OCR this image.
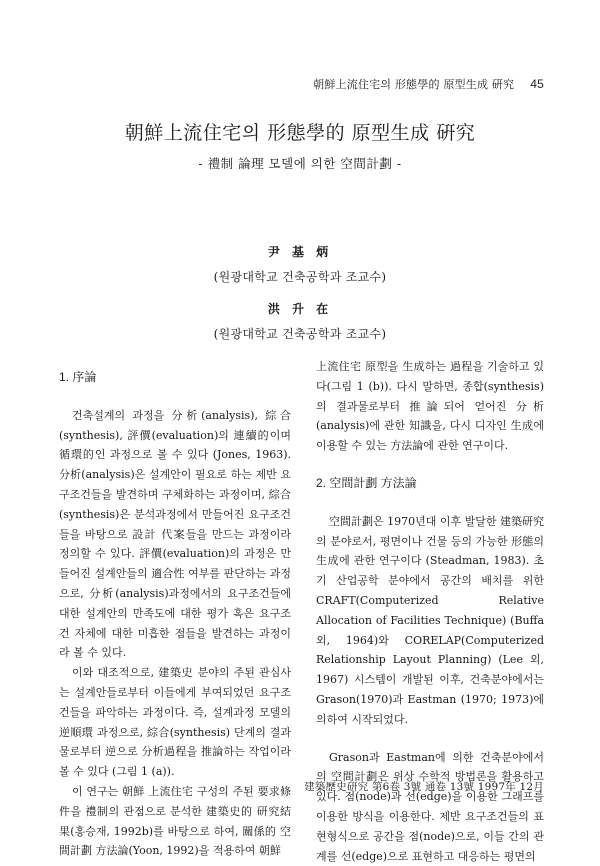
朝鮮上流住宅의 形態學的 原型生成 硏究 45
朝鮮上流住宅의 形態學的 原型生成 硏究
- 禮制 論理 모델에 의한 空間計劃 -
尹 基 炳
(원광대학교 건축공학과 조교수)
洪 升 在
(원광대학교 건축공학과 조교수)
1. 序論

건축설계의 과정을 分析(analysis), 綜合(synthesis), 評價(evaluation)의 連續的이며 循環的인 과정으로 볼 수 있다 (Jones, 1963). 分析(analysis)은 설계안이 필요로 하는 제반 요구조건들을 발견하며 구체화하는 과정이며, 綜合(synthesis)은 분석과정에서 만들어진 요구조건들을 바탕으로 設計 代案들을 만드는 과정이라 정의할 수 있다. 評價(evaluation)의 과정은 만들어진 설계안들의 適合性 여부를 판단하는 과정으로, 分析(analysis)과정에서의 요구조건들에 대한 설계안의 만족도에 대한 평가 혹은 요구조건 자체에 대한 미흡한 점들을 발견하는 과정이라 볼 수 있다.

이와 대조적으로, 建築史 분야의 주된 관심사는 설계안들로부터 이들에게 부여되었던 요구조건들을 파악하는 과정이다. 즉, 설계과정 모델의 逆順環 과정으로, 綜合(synthesis) 단계의 결과물로부터 逆으로 分析過程을 推論하는 작업이라 볼 수 있다 (그림 1 (a)).

이 연구는 朝鮮 上流住宅 구성의 주된 要求條件을 禮制의 관점으로 분석한 建築史的 研究結果(홍승재, 1992b)를 바탕으로 하여, 關係的 空間計劃 方法論(Yoon, 1992)을 적용하여 朝鮮

上流住宅 原型을 生成하는 過程을 기술하고 있다(그림 1 (b)). 다시 말하면, 종합(synthesis)의 결과물로부터 推論되어 얻어진 分析(analysis)에 관한 知識을, 다시 디자인 生成에 이용할 수 있는 方法論에 관한 연구이다.

2. 空間計劃 方法論

空間計劃은 1970년대 이후 발달한 建築研究의 분야로서, 평면이나 건물 등의 가능한 形態의 生成에 관한 연구이다 (Steadman, 1983). 초기 산업공학 분야에서 공간의 배치를 위한 CRAFT(Computerized Relative Allocation of Facilities Technique) (Buffa 외, 1964)와 CORELAP(Computerized Relationship Layout Planning) (Lee 외, 1967) 시스템이 개발된 이후, 건축분야에서는 Grason(1970)과 Eastman (1970; 1973)에 의하여 시작되었다.

Grason과 Eastman에 의한 건축분야에서의 空間計劃은 위상 수학적 방법론을 활용하고 있다. 점(node)과 선(edge)을 이용한 그래프를 이용한 방식을 이용한다. 제반 요구조건들의 표현형식으로 공간을 점(node)으로, 이들 간의 관계를 선(edge)으로 표현하고 대응하는 평면의

建築歷史研究 第6卷 3號 通卷 13號 1997年 12月
